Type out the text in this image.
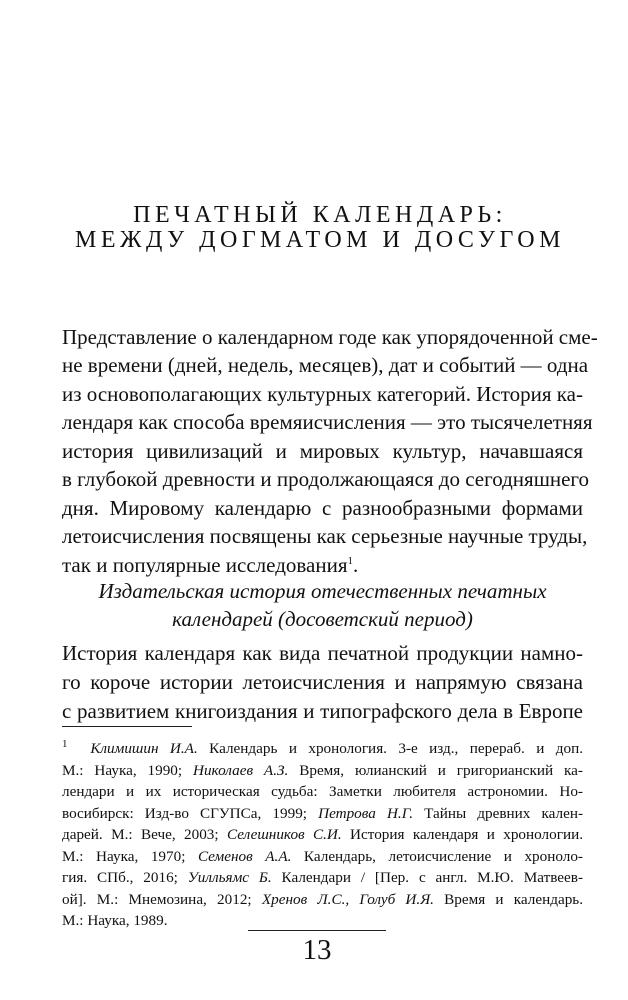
ПЕЧАТНЫЙ КАЛЕНДАРЬ:
МЕЖДУ ДОГМАТОМ И ДОСУГОМ
Представление о календарном годе как упорядоченной сме-
не времени (дней, недель, месяцев), дат и событий — одна
из основополагающих культурных категорий. История ка-
лендаря как способа времяисчисления — это тысячелетняя
история цивилизаций и мировых культур, начавшаяся
в глубокой древности и продолжающаяся до сегодняшнего
дня. Мировому календарю с разнообразными формами
летоисчисления посвящены как серьезные научные труды,
так и популярные исследования$^1$.
Издательская история отечественных печатных
календарей (досоветский период)
История календаря как вида печатной продукции намно-
го короче истории летоисчисления и напрямую связана
с развитием книгоиздания и типографского дела в Европе
$^1$ Климишин И.А. Календарь и хронология. 3-е изд., перераб. и доп.
М.: Наука, 1990; Николаев А.З. Время, юлианский и григорианский ка-
лендари и их историческая судьба: Заметки любителя астрономии. Но-
восибирск: Изд-во СГУПСа, 1999; Петрова Н.Г. Тайны древних кален-
дарей. М.: Вече, 2003; Селешников С.И. История календаря и хронологии.
М.: Наука, 1970; Семенов А.А. Календарь, летоисчисление и хроноло-
гия. СПб., 2016; Уилльямс Б. Календари / [Пер. с англ. М.Ю. Матвеев-
ой]. М.: Мнемозина, 2012; Хренов Л.С., Голуб И.Я. Время и календарь.
М.: Наука, 1989.
13
